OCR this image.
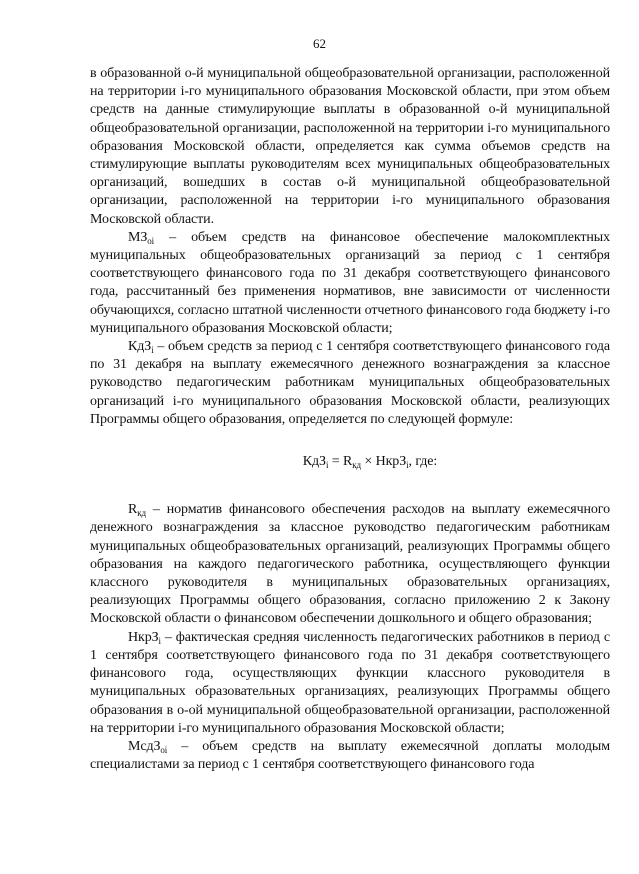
62

в образованной о-й муниципальной общеобразовательной организации, расположенной на территории i-го муниципального образования Московской области, при этом объем средств на данные стимулирующие выплаты в образованной о-й муниципальной общеобразовательной организации, расположенной на территории i-го муниципального образования Московской области, определяется как сумма объемов средств на стимулирующие выплаты руководителям всех муниципальных общеобразовательных организаций, вошедших в состав о-й муниципальной общеобразовательной организации, расположенной на территории i-го муниципального образования Московской области.

$МЗ_{oi}$ – объем средств на финансовое обеспечение малокомплектных муниципальных общеобразовательных организаций за период с 1 сентября соответствующего финансового года по 31 декабря соответствующего финансового года, рассчитанный без применения нормативов, вне зависимости от численности обучающихся, согласно штатной численности отчетного финансового года бюджету i-го муниципального образования Московской области;

КдЗ$_i$ – объем средств за период с 1 сентября соответствующего финансового года по 31 декабря на выплату ежемесячного денежного вознаграждения за классное руководство педагогическим работникам муниципальных общеобразовательных организаций i-го муниципального образования Московской области, реализующих Программы общего образования, определяется по следующей формуле:

$КдЗ_i = R_{кд}$ × НкрЗ$_i$, где:

$R_{кд}$ – норматив финансового обеспечения расходов на выплату ежемесячного денежного вознаграждения за классное руководство педагогическим работникам муниципальных общеобразовательных организаций, реализующих Программы общего образования на каждого педагогического работника, осуществляющего функции классного руководителя в муниципальных образовательных организациях, реализующих Программы общего образования, согласно приложению 2 к Закону Московской области о финансовом обеспечении дошкольного и общего образования;

НкрЗ$_i$ – фактическая средняя численность педагогических работников в период с 1 сентября соответствующего финансового года по 31 декабря соответствующего финансового года, осуществляющих функции классного руководителя в муниципальных образовательных организациях, реализующих Программы общего образования в о-ой муниципальной общеобразовательной организации, расположенной на территории i-го муниципального образования Московской области;

МсдЗ$_{oi}$ – объем средств на выплату ежемесячной доплаты молодым специалистами за период с 1 сентября соответствующего финансового года
